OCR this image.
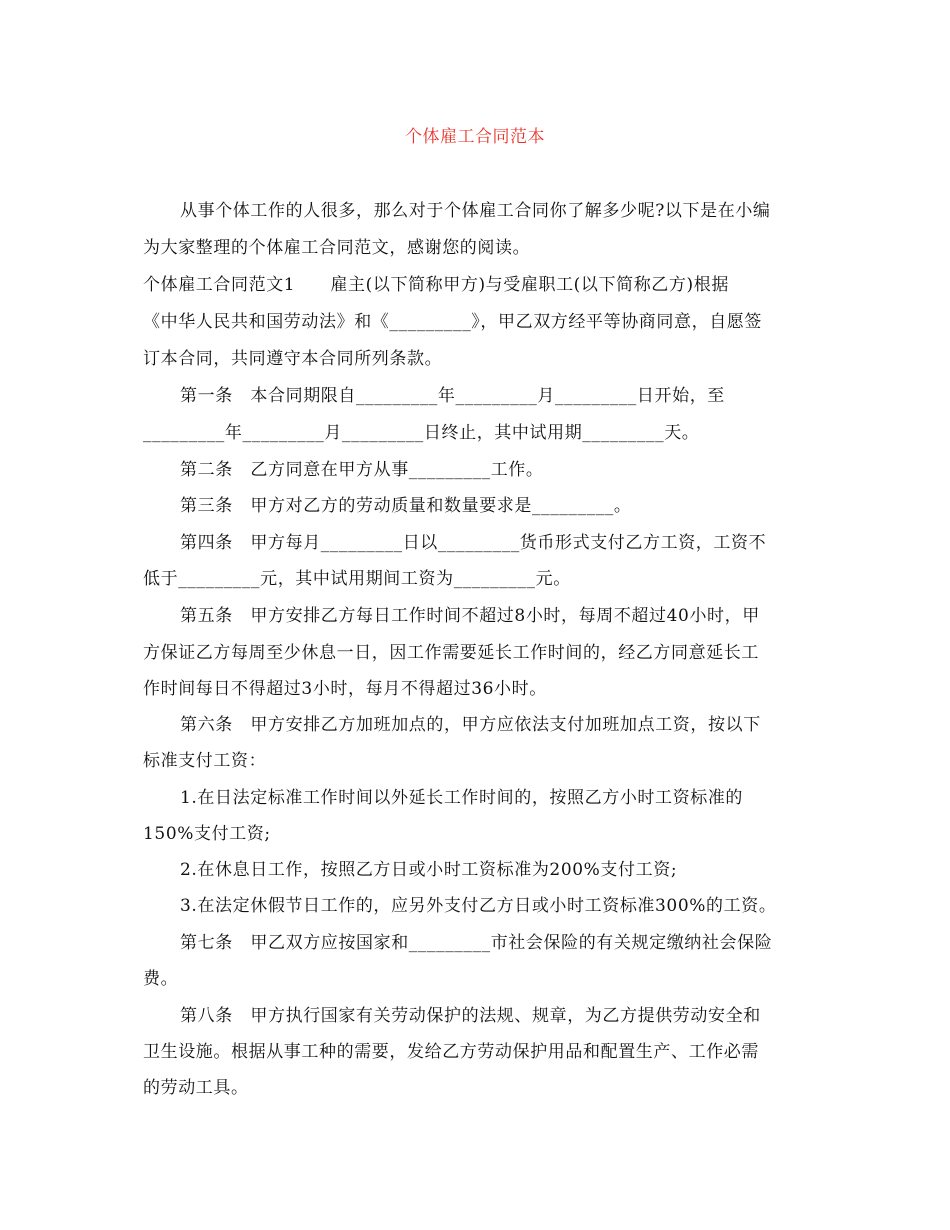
个体雇工合同范本
从事个体工作的人很多，那么对于个体雇工合同你了解多少呢?以下是在小编
为大家整理的个体雇工合同范文，感谢您的阅读。
个体雇工合同范文1　　雇主(以下简称甲方)与受雇职工(以下简称乙方)根据
《中华人民共和国劳动法》和《_________》，甲乙双方经平等协商同意，自愿签
订本合同，共同遵守本合同所列条款。
第一条　本合同期限自_________年_________月_________日开始，至
_________年_________月_________日终止，其中试用期_________天。
第二条　乙方同意在甲方从事_________工作。
第三条　甲方对乙方的劳动质量和数量要求是_________。
第四条　甲方每月_________日以_________货币形式支付乙方工资，工资不
低于_________元，其中试用期间工资为_________元。
第五条　甲方安排乙方每日工作时间不超过8小时，每周不超过40小时，甲
方保证乙方每周至少休息一日，因工作需要延长工作时间的，经乙方同意延长工
作时间每日不得超过3小时，每月不得超过36小时。
第六条　甲方安排乙方加班加点的，甲方应依法支付加班加点工资，按以下
标准支付工资：
1.在日法定标准工作时间以外延长工作时间的，按照乙方小时工资标准的
150%支付工资;
2.在休息日工作，按照乙方日或小时工资标准为200%支付工资;
3.在法定休假节日工作的，应另外支付乙方日或小时工资标准300%的工资。
第七条　甲乙双方应按国家和_________市社会保险的有关规定缴纳社会保险
费。
第八条　甲方执行国家有关劳动保护的法规、规章，为乙方提供劳动安全和
卫生设施。根据从事工种的需要，发给乙方劳动保护用品和配置生产、工作必需
的劳动工具。
